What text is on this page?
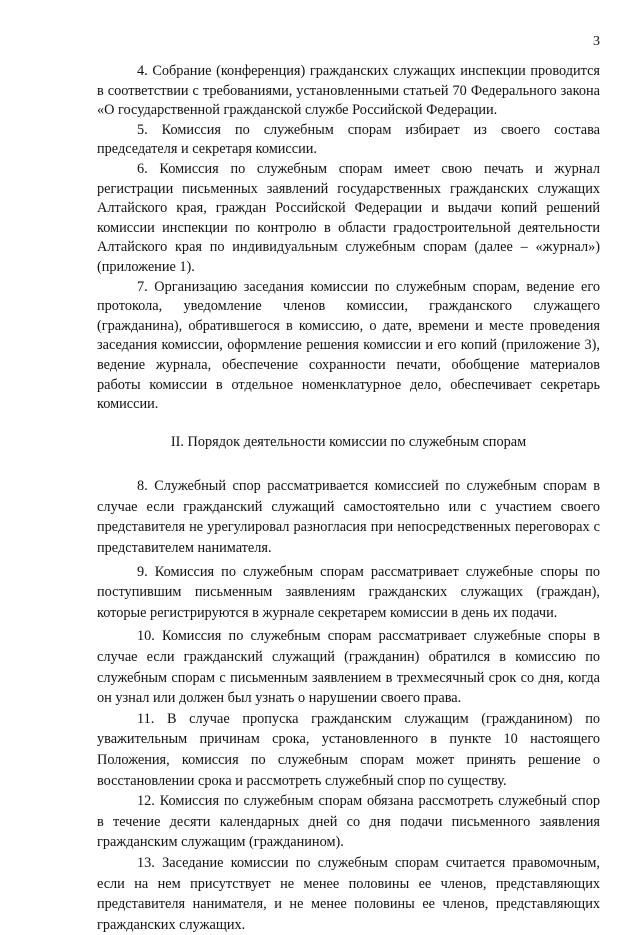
3

4. Собрание (конференция) гражданских служащих инспекции проводится в соответствии с требованиями, установленными статьей 70 Федерального закона «О государственной гражданской службе Российской Федерации.

5. Комиссия по служебным спорам избирает из своего состава председателя и секретаря комиссии.

6. Комиссия по служебным спорам имеет свою печать и журнал регистрации письменных заявлений государственных гражданских служащих Алтайского края, граждан Российской Федерации и выдачи копий решений комиссии инспекции по контролю в области градостроительной деятельности Алтайского края по индивидуальным служебным спорам (далее – «журнал») (приложение 1).

7. Организацию заседания комиссии по служебным спорам, ведение его протокола, уведомление членов комиссии, гражданского служащего (гражданина), обратившегося в комиссию, о дате, времени и месте проведения заседания комиссии, оформление решения комиссии и его копий (приложение 3), ведение журнала, обеспечение сохранности печати, обобщение материалов работы комиссии в отдельное номенклатурное дело, обеспечивает секретарь комиссии.

II. Порядок деятельности комиссии по служебным спорам

8. Служебный спор рассматривается комиссией по служебным спорам в случае если гражданский служащий самостоятельно или с участием своего представителя не урегулировал разногласия при непосредственных переговорах с представителем нанимателя.

9. Комиссия по служебным спорам рассматривает служебные споры по поступившим письменным заявлениям гражданских служащих (граждан), которые регистрируются в журнале секретарем комиссии в день их подачи.

10. Комиссия по служебным спорам рассматривает служебные споры в случае если гражданский служащий (гражданин) обратился в комиссию по служебным спорам с письменным заявлением в трехмесячный срок со дня, когда он узнал или должен был узнать о нарушении своего права.

11. В случае пропуска гражданским служащим (гражданином) по уважительным причинам срока, установленного в пункте 10 настоящего Положения, комиссия по служебным спорам может принять решение о восстановлении срока и рассмотреть служебный спор по существу.

12. Комиссия по служебным спорам обязана рассмотреть служебный спор в течение десяти календарных дней со дня подачи письменного заявления гражданским служащим (гражданином).

13. Заседание комиссии по служебным спорам считается правомочным, если на нем присутствует не менее половины ее членов, представляющих представителя нанимателя, и не менее половины ее членов, представляющих гражданских служащих.
